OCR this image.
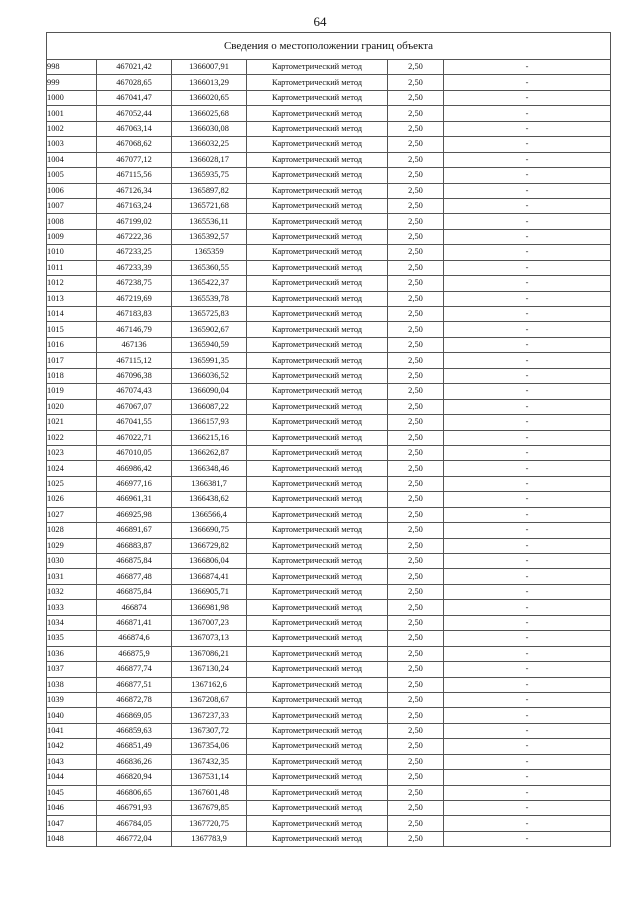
64
Сведения о местоположении границ объекта					
998	467021,42	1366007,91	Картометрический метод	2,50	-
999	467028,65	1366013,29	Картометрический метод	2,50	-
1000	467041,47	1366020,65	Картометрический метод	2,50	-
1001	467052,44	1366025,68	Картометрический метод	2,50	-
1002	467063,14	1366030,08	Картометрический метод	2,50	-
1003	467068,62	1366032,25	Картометрический метод	2,50	-
1004	467077,12	1366028,17	Картометрический метод	2,50	-
1005	467115,56	1365935,75	Картометрический метод	2,50	-
1006	467126,34	1365897,82	Картометрический метод	2,50	-
1007	467163,24	1365721,68	Картометрический метод	2,50	-
1008	467199,02	1365536,11	Картометрический метод	2,50	-
1009	467222,36	1365392,57	Картометрический метод	2,50	-
1010	467233,25	1365359	Картометрический метод	2,50	-
1011	467233,39	1365360,55	Картометрический метод	2,50	-
1012	467238,75	1365422,37	Картометрический метод	2,50	-
1013	467219,69	1365539,78	Картометрический метод	2,50	-
1014	467183,83	1365725,83	Картометрический метод	2,50	-
1015	467146,79	1365902,67	Картометрический метод	2,50	-
1016	467136	1365940,59	Картометрический метод	2,50	-
1017	467115,12	1365991,35	Картометрический метод	2,50	-
1018	467096,38	1366036,52	Картометрический метод	2,50	-
1019	467074,43	1366090,04	Картометрический метод	2,50	-
1020	467067,07	1366087,22	Картометрический метод	2,50	-
1021	467041,55	1366157,93	Картометрический метод	2,50	-
1022	467022,71	1366215,16	Картометрический метод	2,50	-
1023	467010,05	1366262,87	Картометрический метод	2,50	-
1024	466986,42	1366348,46	Картометрический метод	2,50	-
1025	466977,16	1366381,7	Картометрический метод	2,50	-
1026	466961,31	1366438,62	Картометрический метод	2,50	-
1027	466925,98	1366566,4	Картометрический метод	2,50	-
1028	466891,67	1366690,75	Картометрический метод	2,50	-
1029	466883,87	1366729,82	Картометрический метод	2,50	-
1030	466875,84	1366806,04	Картометрический метод	2,50	-
1031	466877,48	1366874,41	Картометрический метод	2,50	-
1032	466875,84	1366905,71	Картометрический метод	2,50	-
1033	466874	1366981,98	Картометрический метод	2,50	-
1034	466871,41	1367007,23	Картометрический метод	2,50	-
1035	466874,6	1367073,13	Картометрический метод	2,50	-
1036	466875,9	1367086,21	Картометрический метод	2,50	-
1037	466877,74	1367130,24	Картометрический метод	2,50	-
1038	466877,51	1367162,6	Картометрический метод	2,50	-
1039	466872,78	1367208,67	Картометрический метод	2,50	-
1040	466869,05	1367237,33	Картометрический метод	2,50	-
1041	466859,63	1367307,72	Картометрический метод	2,50	-
1042	466851,49	1367354,06	Картометрический метод	2,50	-
1043	466836,26	1367432,35	Картометрический метод	2,50	-
1044	466820,94	1367531,14	Картометрический метод	2,50	-
1045	466806,65	1367601,48	Картометрический метод	2,50	-
1046	466791,93	1367679,85	Картометрический метод	2,50	-
1047	466784,05	1367720,75	Картометрический метод	2,50	-
1048	466772,04	1367783,9	Картометрический метод	2,50	-
